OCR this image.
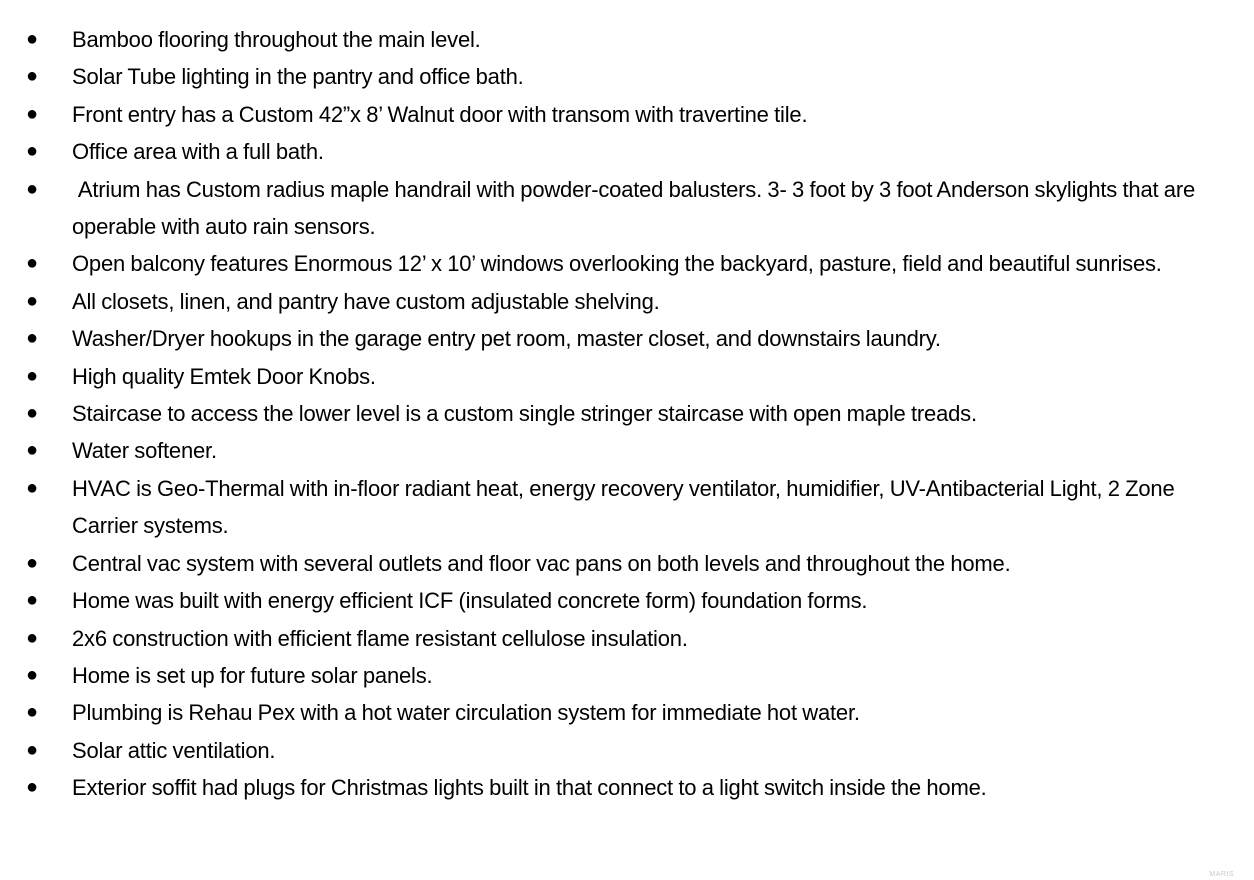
● Bamboo flooring throughout the main level.
● Solar Tube lighting in the pantry and office bath.
● Front entry has a Custom 42”x 8’ Walnut door with transom with travertine tile.
● Office area with a full bath.
● Atrium has Custom radius maple handrail with powder-coated balusters. 3- 3 foot by 3 foot Anderson skylights that are operable with auto rain sensors.
● Open balcony features Enormous 12’ x 10’ windows overlooking the backyard, pasture, field and beautiful sunrises.
● All closets, linen, and pantry have custom adjustable shelving.
● Washer/Dryer hookups in the garage entry pet room, master closet, and downstairs laundry.
● High quality Emtek Door Knobs.
● Staircase to access the lower level is a custom single stringer staircase with open maple treads.
● Water softener.
● HVAC is Geo-Thermal with in-floor radiant heat, energy recovery ventilator, humidifier, UV-Antibacterial Light, 2 Zone Carrier systems.
● Central vac system with several outlets and floor vac pans on both levels and throughout the home.
● Home was built with energy efficient ICF (insulated concrete form) foundation forms.
● 2x6 construction with efficient flame resistant cellulose insulation.
● Home is set up for future solar panels.
● Plumbing is Rehau Pex with a hot water circulation system for immediate hot water.
● Solar attic ventilation.
● Exterior soffit had plugs for Christmas lights built in that connect to a light switch inside the home.
MARIS
